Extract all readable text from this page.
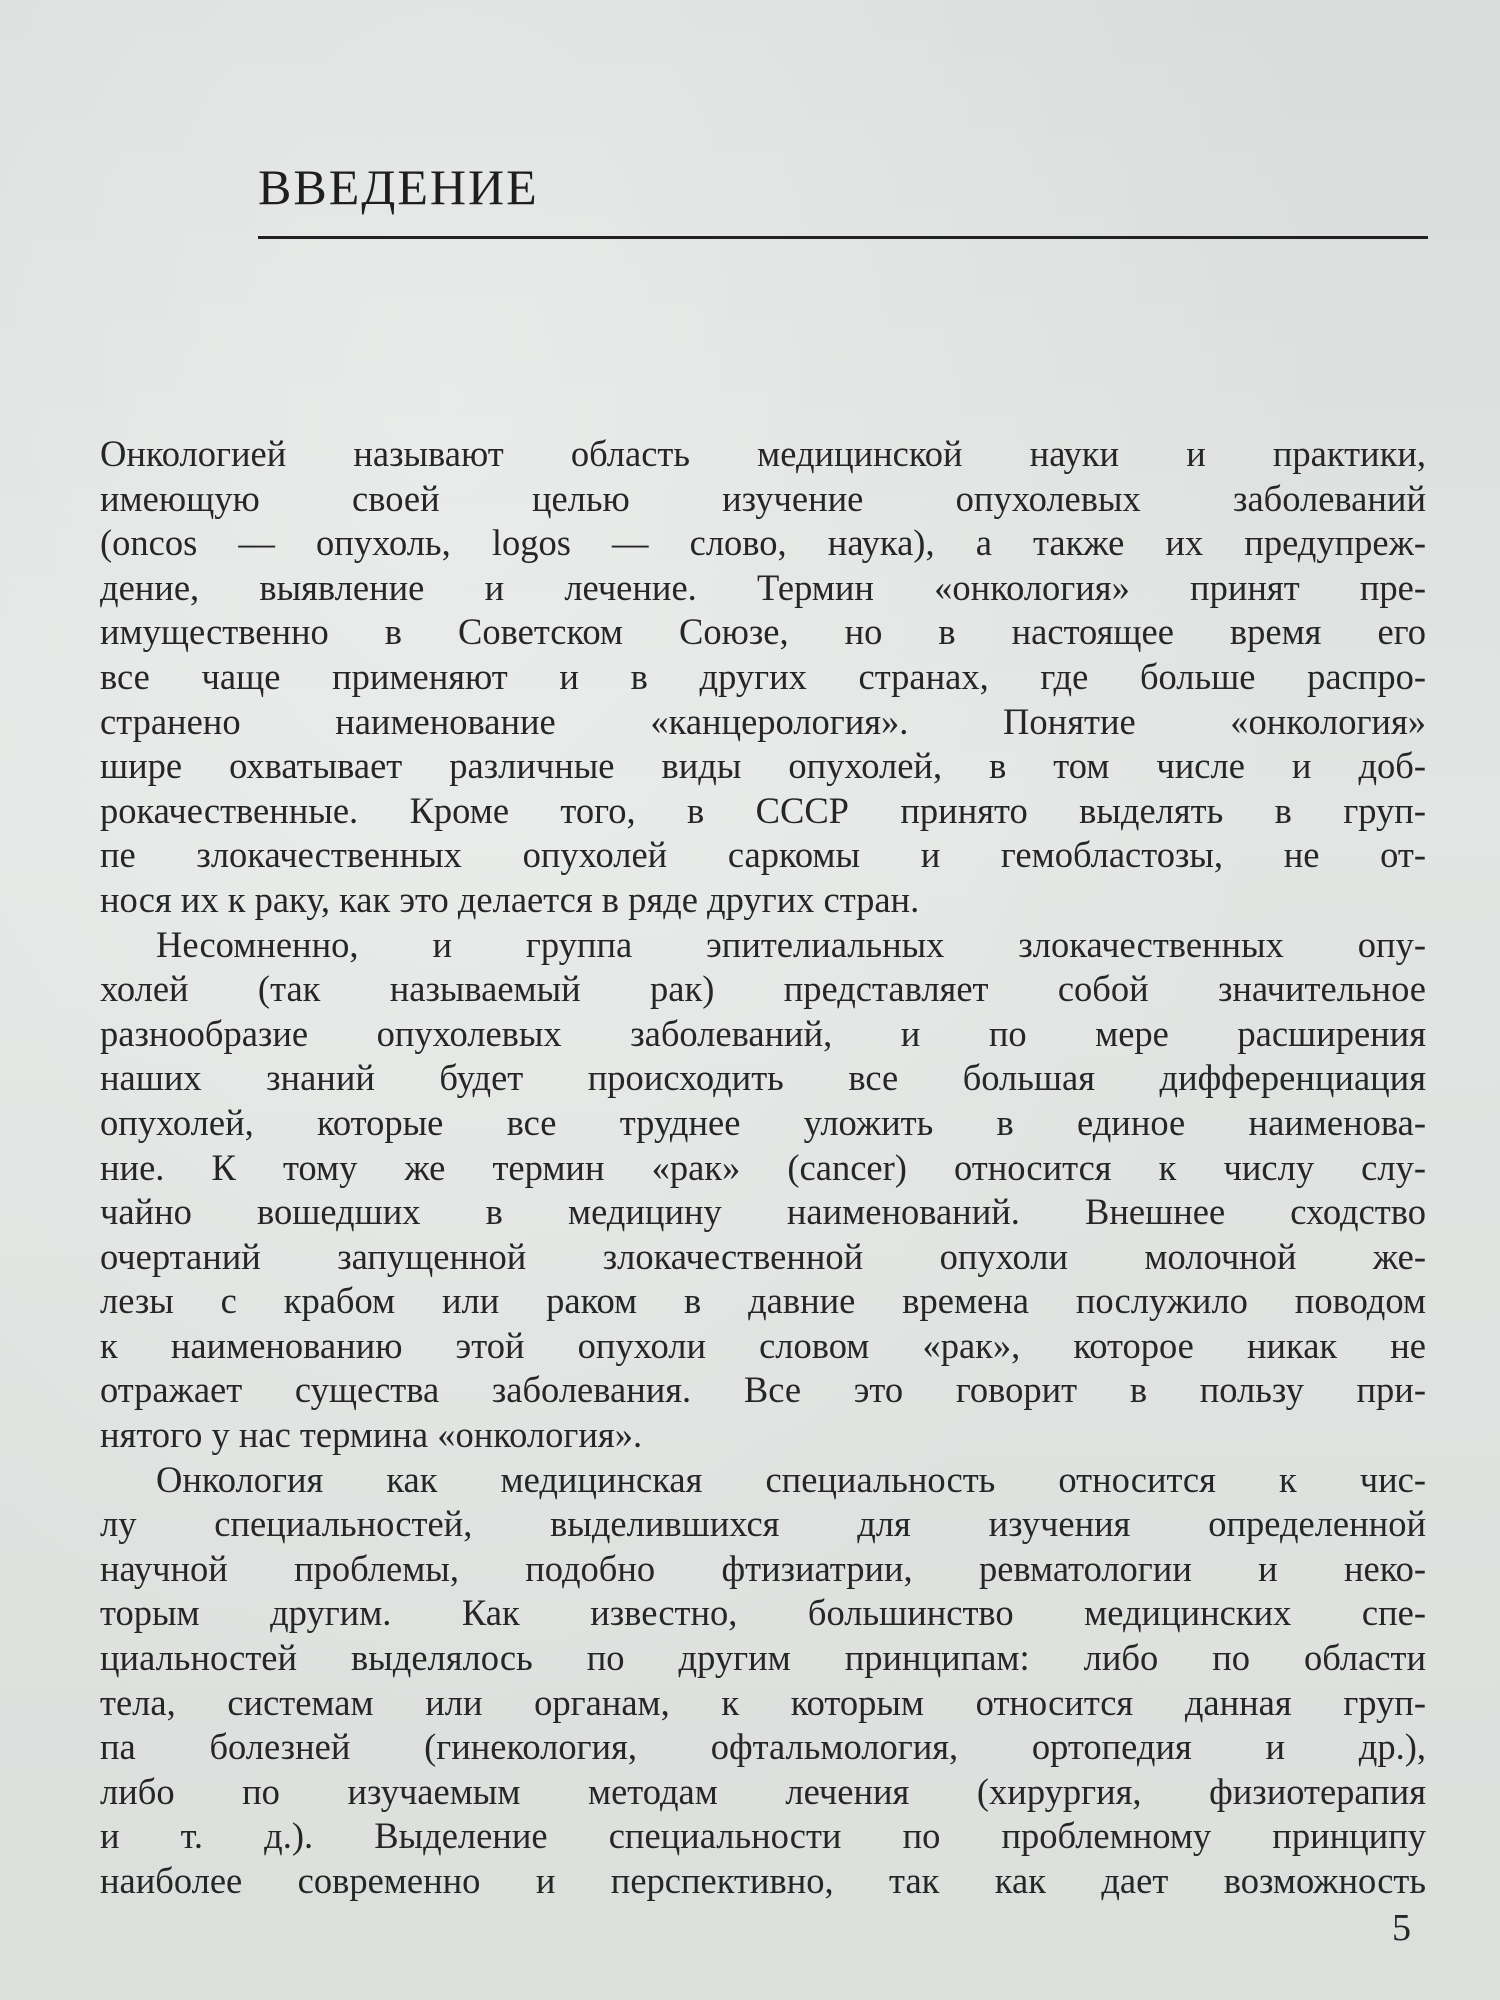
ВВЕДЕНИЕ
Онкологией называют область медицинской науки и практики,
имеющую своей целью изучение опухолевых заболеваний
(oncos — опухоль, logos — слово, наука), а также их предупреж-
дение, выявление и лечение. Термин «онкология» принят пре-
имущественно в Советском Союзе, но в настоящее время его
все чаще применяют и в других странах, где больше распро-
странено наименование «канцерология». Понятие «онкология»
шире охватывает различные виды опухолей, в том числе и доб-
рокачественные. Кроме того, в СССР принято выделять в груп-
пе злокачественных опухолей саркомы и гемобластозы, не от-
нося их к раку, как это делается в ряде других стран.
Несомненно, и группа эпителиальных злокачественных опу-
холей (так называемый рак) представляет собой значительное
разнообразие опухолевых заболеваний, и по мере расширения
наших знаний будет происходить все большая дифференциация
опухолей, которые все труднее уложить в единое наименова-
ние. К тому же термин «рак» (cancer) относится к числу слу-
чайно вошедших в медицину наименований. Внешнее сходство
очертаний запущенной злокачественной опухоли молочной же-
лезы с крабом или раком в давние времена послужило поводом
к наименованию этой опухоли словом «рак», которое никак не
отражает существа заболевания. Все это говорит в пользу при-
нятого у нас термина «онкология».
Онкология как медицинская специальность относится к чис-
лу специальностей, выделившихся для изучения определенной
научной проблемы, подобно фтизиатрии, ревматологии и неко-
торым другим. Как известно, большинство медицинских спе-
циальностей выделялось по другим принципам: либо по области
тела, системам или органам, к которым относится данная груп-
па болезней (гинекология, офтальмология, ортопедия и др.),
либо по изучаемым методам лечения (хирургия, физиотерапия
и т. д.). Выделение специальности по проблемному принципу
наиболее современно и перспективно, так как дает возможность
5
